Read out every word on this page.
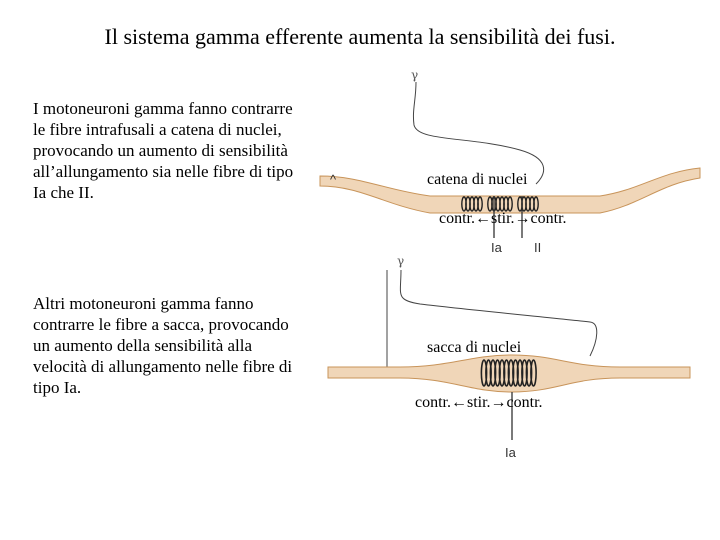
Il sistema gamma efferente aumenta la sensibilità dei fusi.

I motoneuroni gamma fanno contrarre le fibre intrafusali a catena di nuclei, provocando un aumento di sensibilità all’allungamento sia nelle fibre di tipo Ia che II.

Altri motoneuroni gamma fanno contrarre le fibre a sacca, provocando un aumento della sensibilità alla velocità di allungamento nelle fibre di tipo Ia.

γ
^	catena di nuclei
contr.←stir.→contr.
Ia II
γ
sacca di nuclei
contr.←stir.→contr.
Ia
